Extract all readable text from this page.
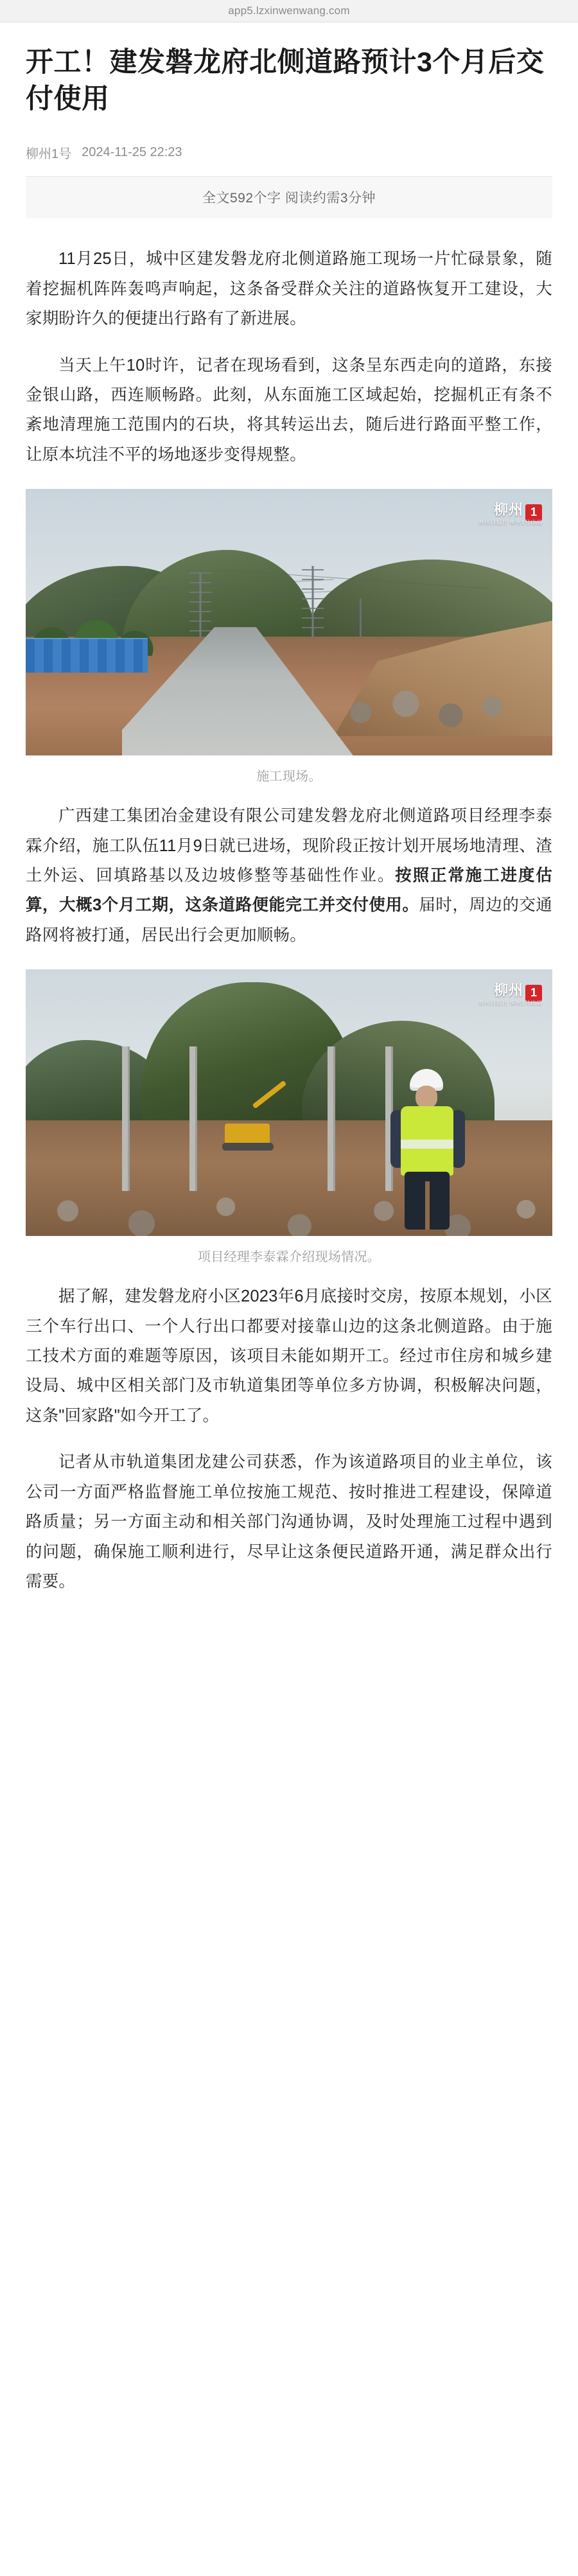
app5.lzxinwenwang.com
开工！建发磐龙府北侧道路预计3个月后交付使用
柳州1号 2024-11-25 22:23
全文592个字 阅读约需3分钟

11月25日，城中区建发磐龙府北侧道路施工现场一片忙碌景象，随着挖掘机阵阵轰鸣声响起，这条备受群众关注的道路恢复开工建设，大家期盼许久的便捷出行路有了新进展。

当天上午10时许，记者在现场看到，这条呈东西走向的道路，东接金银山路，西连顺畅路。此刻，从东面施工区域起始，挖掘机正有条不紊地清理施工范围内的石块，将其转运出去，随后进行路面平整工作，让原本坑洼不平的场地逐步变得规整。

柳州 1
柳州日报社·柳州1号出品
施工现场。

广西建工集团冶金建设有限公司建发磐龙府北侧道路项目经理李泰霖介绍，施工队伍11月9日就已进场，现阶段正按计划开展场地清理、渣土外运、回填路基以及边坡修整等基础性作业。按照正常施工进度估算，大概3个月工期，这条道路便能完工并交付使用。届时，周边的交通路网将被打通，居民出行会更加顺畅。

柳州 1
柳州日报社·柳州1号出品
项目经理李泰霖介绍现场情况。

据了解，建发磐龙府小区2023年6月底接时交房，按原本规划，小区三个车行出口、一个人行出口都要对接靠山边的这条北侧道路。由于施工技术方面的难题等原因，该项目未能如期开工。经过市住房和城乡建设局、城中区相关部门及市轨道集团等单位多方协调，积极解决问题，这条"回家路"如今开工了。

记者从市轨道集团龙建公司获悉，作为该道路项目的业主单位，该公司一方面严格监督施工单位按施工规范、按时推进工程建设，保障道路质量；另一方面主动和相关部门沟通协调，及时处理施工过程中遇到的问题，确保施工顺利进行，尽早让这条便民道路开通，满足群众出行需要。
